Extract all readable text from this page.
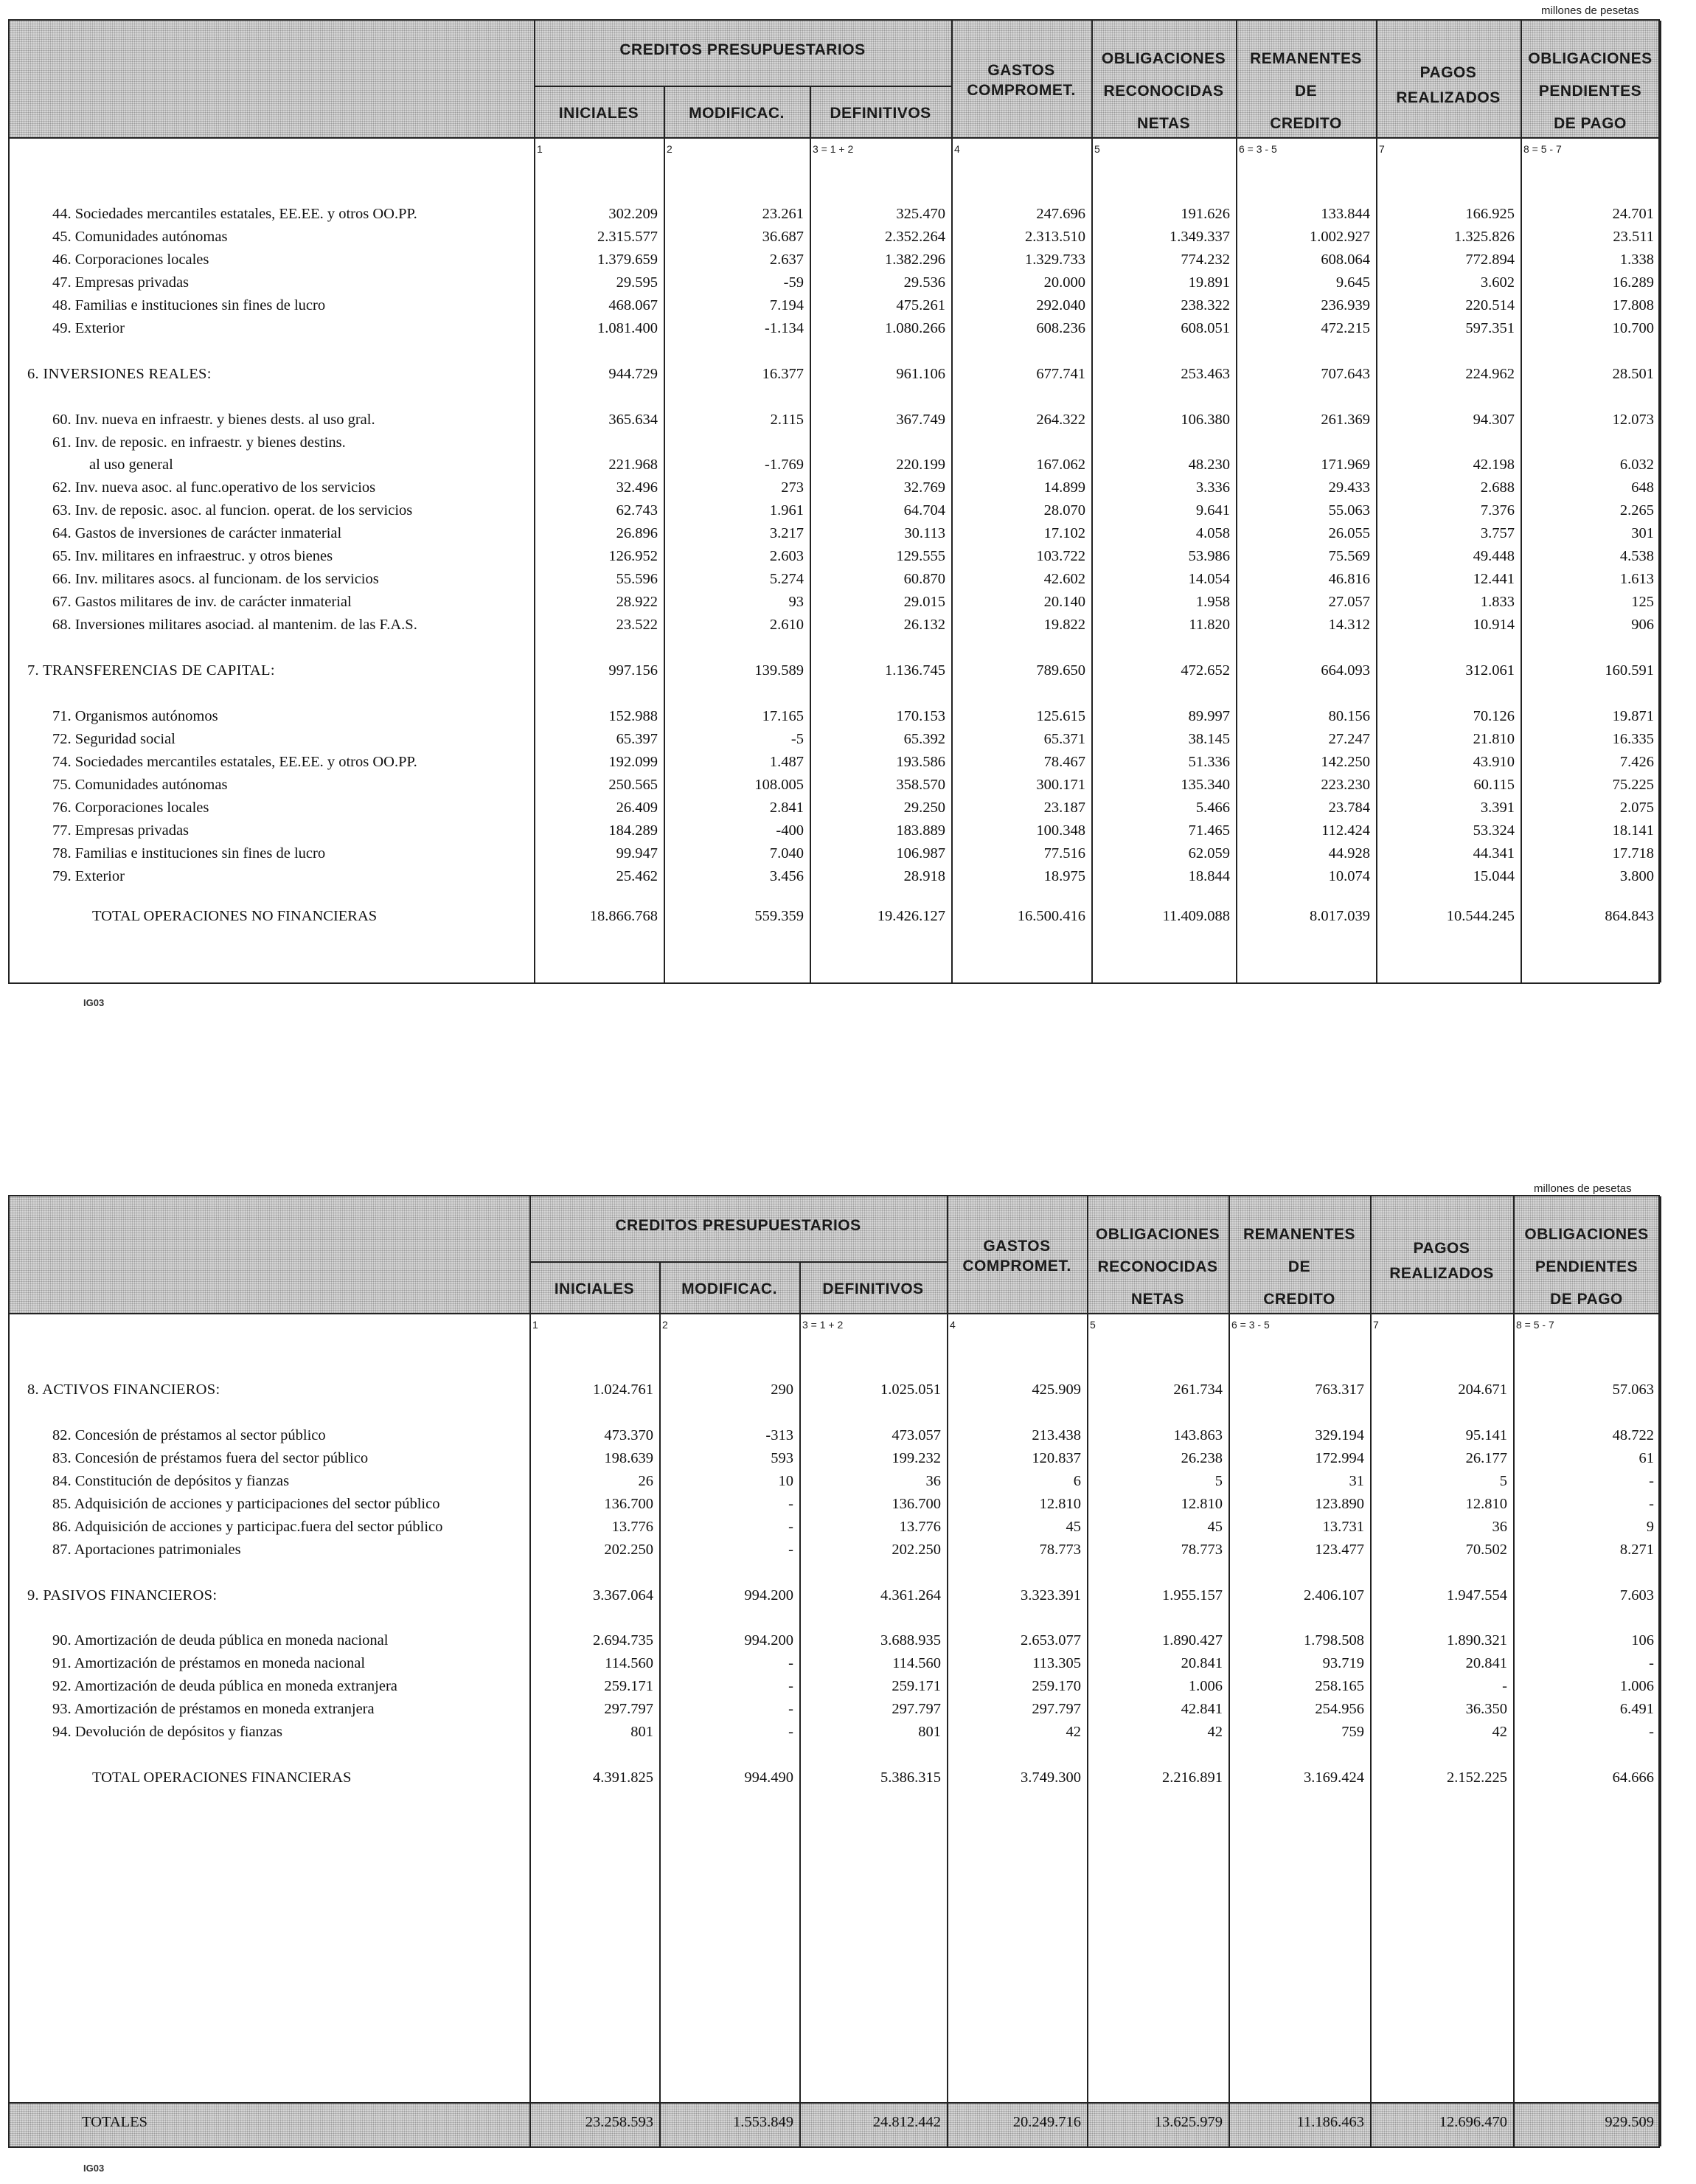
millones de pesetas
CREDITOS PRESUPUESTARIOS
INICIALES	MODIFICAC.	DEFINITIVOS
GASTOS
COMPROMET.
OBLIGACIONES
RECONOCIDAS
NETAS
REMANENTES
DE
CREDITO
PAGOS
REALIZADOS
OBLIGACIONES
PENDIENTES
DE PAGO
1	2	3 = 1 + 2	4	5	6 = 3 - 5	7	8 = 5 - 7
44. Sociedades mercantiles estatales, EE.EE. y otros OO.PP.	302.209	23.261	325.470	247.696	191.626	133.844	166.925	24.701
45. Comunidades autónomas	2.315.577	36.687	2.352.264	2.313.510	1.349.337	1.002.927	1.325.826	23.511
46. Corporaciones locales	1.379.659	2.637	1.382.296	1.329.733	774.232	608.064	772.894	1.338
47. Empresas privadas	29.595	-59	29.536	20.000	19.891	9.645	3.602	16.289
48. Familias e instituciones sin fines de lucro	468.067	7.194	475.261	292.040	238.322	236.939	220.514	17.808
49. Exterior	1.081.400	-1.134	1.080.266	608.236	608.051	472.215	597.351	10.700
6. INVERSIONES REALES:	944.729	16.377	961.106	677.741	253.463	707.643	224.962	28.501
60. Inv. nueva en infraestr. y bienes dests. al uso gral.	365.634	2.115	367.749	264.322	106.380	261.369	94.307	12.073
61. Inv. de reposic. en infraestr. y bienes destins.
al uso general	221.968	-1.769	220.199	167.062	48.230	171.969	42.198	6.032
62. Inv. nueva asoc. al func.operativo de los servicios	32.496	273	32.769	14.899	3.336	29.433	2.688	648
63. Inv. de reposic. asoc. al funcion. operat. de los servicios	62.743	1.961	64.704	28.070	9.641	55.063	7.376	2.265
64. Gastos de inversiones de carácter inmaterial	26.896	3.217	30.113	17.102	4.058	26.055	3.757	301
65. Inv. militares en infraestruc. y otros bienes	126.952	2.603	129.555	103.722	53.986	75.569	49.448	4.538
66. Inv. militares asocs. al funcionam. de los servicios	55.596	5.274	60.870	42.602	14.054	46.816	12.441	1.613
67. Gastos militares de inv. de carácter inmaterial	28.922	93	29.015	20.140	1.958	27.057	1.833	125
68. Inversiones militares asociad. al mantenim. de las F.A.S.	23.522	2.610	26.132	19.822	11.820	14.312	10.914	906
7. TRANSFERENCIAS DE CAPITAL:	997.156	139.589	1.136.745	789.650	472.652	664.093	312.061	160.591
71. Organismos autónomos	152.988	17.165	170.153	125.615	89.997	80.156	70.126	19.871
72. Seguridad social	65.397	-5	65.392	65.371	38.145	27.247	21.810	16.335
74. Sociedades mercantiles estatales, EE.EE. y otros OO.PP.	192.099	1.487	193.586	78.467	51.336	142.250	43.910	7.426
75. Comunidades autónomas	250.565	108.005	358.570	300.171	135.340	223.230	60.115	75.225
76. Corporaciones locales	26.409	2.841	29.250	23.187	5.466	23.784	3.391	2.075
77. Empresas privadas	184.289	-400	183.889	100.348	71.465	112.424	53.324	18.141
78. Familias e instituciones sin fines de lucro	99.947	7.040	106.987	77.516	62.059	44.928	44.341	17.718
79. Exterior	25.462	3.456	28.918	18.975	18.844	10.074	15.044	3.800
TOTAL OPERACIONES NO FINANCIERAS	18.866.768	559.359	19.426.127	16.500.416	11.409.088	8.017.039	10.544.245	864.843
IG03
millones de pesetas
CREDITOS PRESUPUESTARIOS
INICIALES	MODIFICAC.	DEFINITIVOS
GASTOS
COMPROMET.
OBLIGACIONES
RECONOCIDAS
NETAS
REMANENTES
DE
CREDITO
PAGOS
REALIZADOS
OBLIGACIONES
PENDIENTES
DE PAGO
1	2	3 = 1 + 2	4	5	6 = 3 - 5	7	8 = 5 - 7
8. ACTIVOS FINANCIEROS:	1.024.761	290	1.025.051	425.909	261.734	763.317	204.671	57.063
82. Concesión de préstamos al sector público	473.370	-313	473.057	213.438	143.863	329.194	95.141	48.722
83. Concesión de préstamos fuera del sector público	198.639	593	199.232	120.837	26.238	172.994	26.177	61
84. Constitución de depósitos y fianzas	26	10	36	6	5	31	5	-
85. Adquisición de acciones y participaciones del sector público	136.700	-	136.700	12.810	12.810	123.890	12.810	-
86. Adquisición de acciones y participac.fuera del sector público	13.776	-	13.776	45	45	13.731	36	9
87. Aportaciones patrimoniales	202.250	-	202.250	78.773	78.773	123.477	70.502	8.271
9. PASIVOS FINANCIEROS:	3.367.064	994.200	4.361.264	3.323.391	1.955.157	2.406.107	1.947.554	7.603
90. Amortización de deuda pública en moneda nacional	2.694.735	994.200	3.688.935	2.653.077	1.890.427	1.798.508	1.890.321	106
91. Amortización de préstamos en moneda nacional	114.560	-	114.560	113.305	20.841	93.719	20.841	-
92. Amortización de deuda pública en moneda extranjera	259.171	-	259.171	259.170	1.006	258.165	-	1.006
93. Amortización de préstamos en moneda extranjera	297.797	-	297.797	297.797	42.841	254.956	36.350	6.491
94. Devolución de depósitos y fianzas	801	-	801	42	42	759	42	-
TOTAL OPERACIONES FINANCIERAS	4.391.825	994.490	5.386.315	3.749.300	2.216.891	3.169.424	2.152.225	64.666
TOTALES	23.258.593	1.553.849	24.812.442	20.249.716	13.625.979	11.186.463	12.696.470	929.509
IG03
